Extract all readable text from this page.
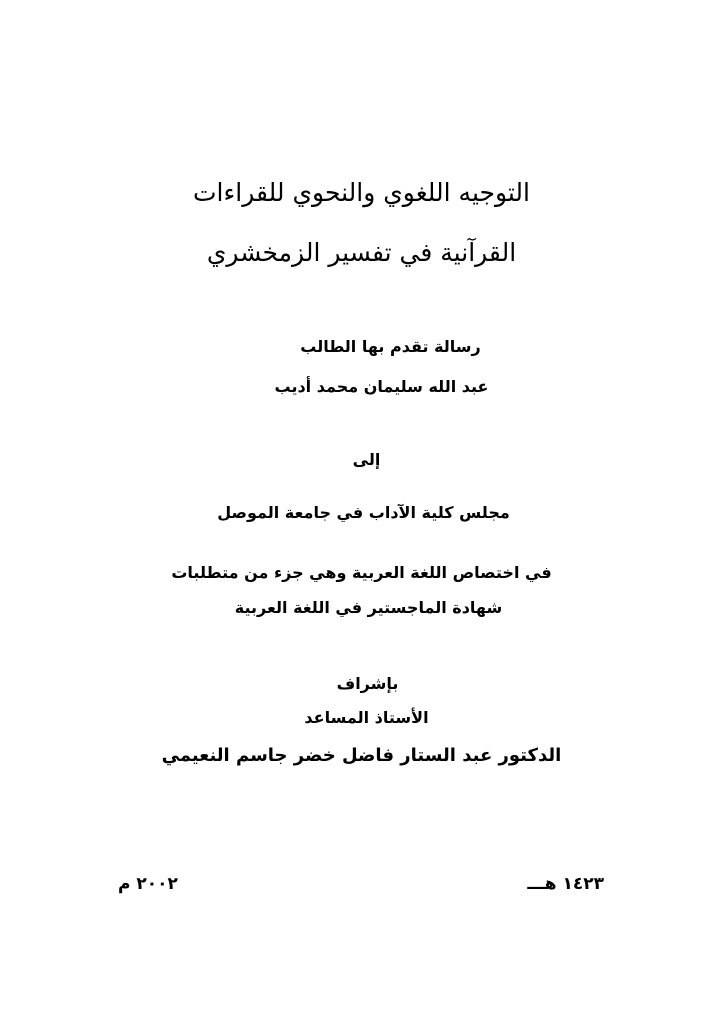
التوجيه اللغوي والنحوي للقراءات
القرآنية في تفسير الزمخشري
رسالة تقدم بها الطالب
عبد الله سليمان محمد أديب
إلى
مجلس كلية الآداب في جامعة الموصل
في اختصاص اللغة العربية وهي جزء من متطلبات
شهادة الماجستير في اللغة العربية
بإشراف
الأستاذ المساعد
الدكتور عبد الستار فاضل خضر جاسم النعيمي
١٤٢٣ هـــ
٢٠٠٢ م
